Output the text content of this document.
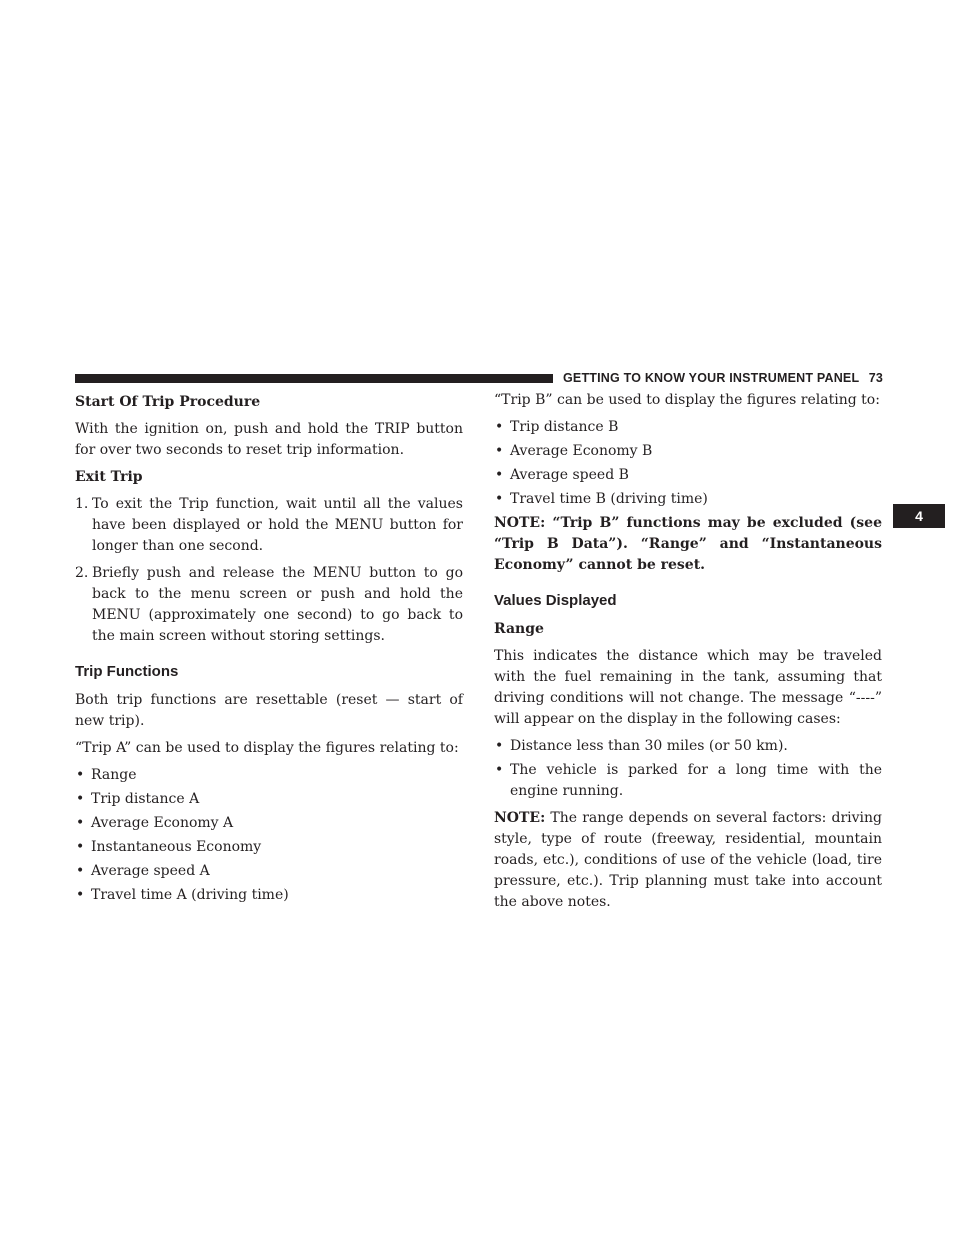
GETTING TO KNOW YOUR INSTRUMENT PANEL 73
4
Start Of Trip Procedure

With the ignition on, push and hold the TRIP button for over two seconds to reset trip information.

Exit Trip
1. To exit the Trip function, wait until all the values have been displayed or hold the MENU button for longer than one second.
2. Briefly push and release the MENU button to go back to the menu screen or push and hold the MENU (approximately one second) to go back to the main screen without storing settings.
Trip Functions

Both trip functions are resettable (reset — start of new trip).

“Trip A” can be used to display the figures relating to:

• Range
• Trip distance A
• Average Economy A
• Instantaneous Economy
• Average speed A
• Travel time A (driving time)

“Trip B” can be used to display the figures relating to:

• Trip distance B
• Average Economy B
• Average speed B
• Travel time B (driving time)

NOTE: “Trip B” functions may be excluded (see “Trip B Data”). “Range” and “Instantaneous Economy” cannot be reset.

Values Displayed
Range

This indicates the distance which may be traveled with the fuel remaining in the tank, assuming that driving conditions will not change. The message “----” will appear on the display in the following cases:

• Distance less than 30 miles (or 50 km).
• The vehicle is parked for a long time with the engine running.

NOTE: The range depends on several factors: driving style, type of route (freeway, residential, mountain roads, etc.), conditions of use of the vehicle (load, tire pressure, etc.). Trip planning must take into account the above notes.
